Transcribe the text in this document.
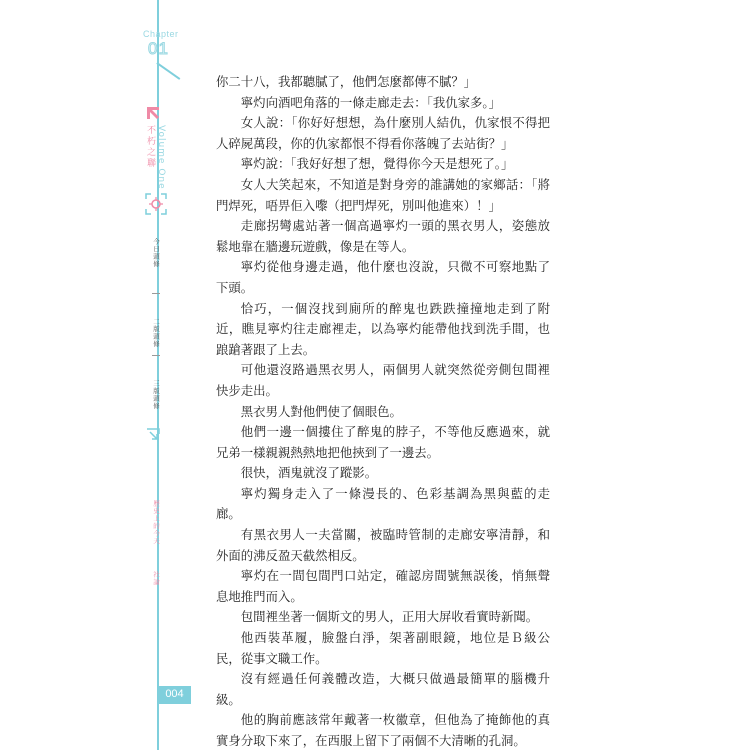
Chapter
01
不朽之聯 Volume One
今日頭條
二版頭條
三版頭條
歷史上的今天
社論
004

你二十八，我都聽膩了，他們怎麼都傳不膩？」

寧灼向酒吧角落的一條走廊走去：「我仇家多。」

女人說：「你好好想想，為什麼別人結仇，仇家恨不得把人碎屍萬段，你的仇家都恨不得看你落魄了去站街？」

寧灼說：「我好好想了想，覺得你今天是想死了。」

女人大笑起來，不知道是對身旁的誰講她的家鄉話：「將門焊死，唔畀佢入嚟（把門焊死，別叫他進來）！」

走廊拐彎處站著一個高過寧灼一頭的黑衣男人，姿態放鬆地靠在牆邊玩遊戲，像是在等人。

寧灼從他身邊走過，他什麼也沒說，只微不可察地點了下頭。

恰巧，一個沒找到廁所的醉鬼也跌跌撞撞地走到了附近，瞧見寧灼往走廊裡走，以為寧灼能帶他找到洗手間，也踉蹌著跟了上去。

可他還沒路過黑衣男人，兩個男人就突然從旁側包間裡快步走出。

黑衣男人對他們使了個眼色。

他們一邊一個摟住了醉鬼的脖子，不等他反應過來，就兄弟一樣親親熱熱地把他挾到了一邊去。

很快，酒鬼就沒了蹤影。

寧灼獨身走入了一條漫長的、色彩基調為黑與藍的走廊。

有黑衣男人一夫當關，被臨時管制的走廊安寧清靜，和外面的沸反盈天截然相反。

寧灼在一間包間門口站定，確認房間號無誤後，悄無聲息地推門而入。

包間裡坐著一個斯文的男人，正用大屏收看實時新聞。

他西裝革履，臉盤白淨，架著副眼鏡，地位是Ｂ級公民，從事文職工作。

沒有經過任何義體改造，大概只做過最簡單的腦機升級。

他的胸前應該常年戴著一枚徽章，但他為了掩飾他的真實身分取下來了，在西服上留下了兩個不大清晰的孔洞。
